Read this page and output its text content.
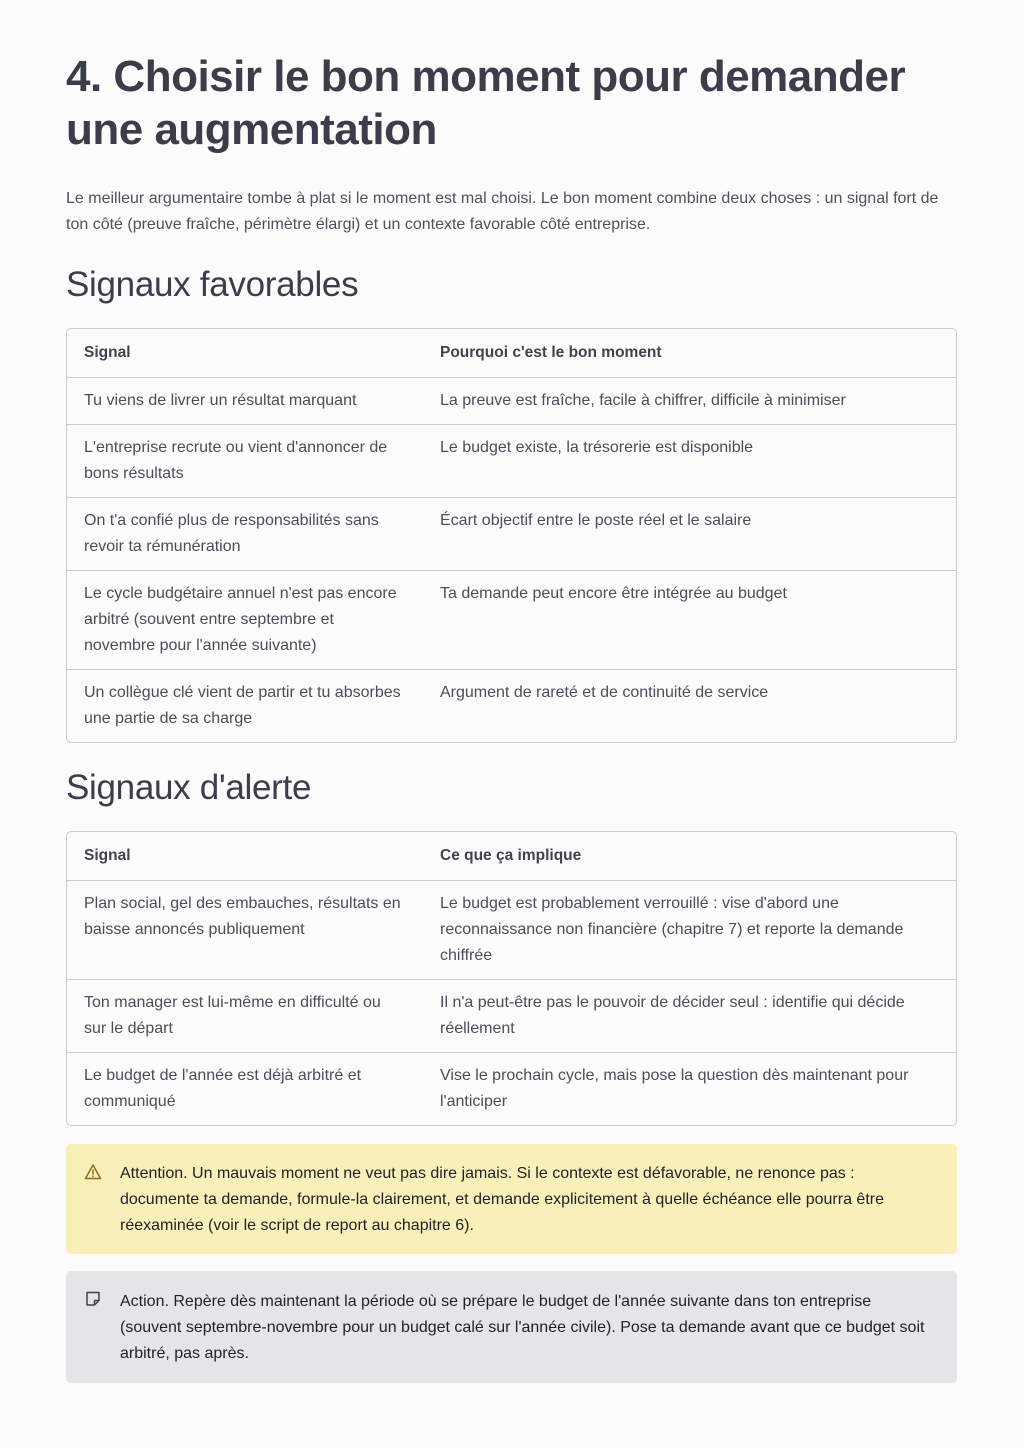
4. Choisir le bon moment pour demander une augmentation

Le meilleur argumentaire tombe à plat si le moment est mal choisi. Le bon moment combine deux choses : un signal fort de ton côté (preuve fraîche, périmètre élargi) et un contexte favorable côté entreprise.

Signaux favorables
Signal	Pourquoi c'est le bon moment
Tu viens de livrer un résultat marquant	La preuve est fraîche, facile à chiffrer, difficile à minimiser
L'entreprise recrute ou vient d'annoncer de bons résultats	Le budget existe, la trésorerie est disponible
On t'a confié plus de responsabilités sans revoir ta rémunération	Écart objectif entre le poste réel et le salaire
Le cycle budgétaire annuel n'est pas encore arbitré (souvent entre septembre et novembre pour l'année suivante)	Ta demande peut encore être intégrée au budget
Un collègue clé vient de partir et tu absorbes une partie de sa charge	Argument de rareté et de continuité de service
Signaux d'alerte
Signal	Ce que ça implique
Plan social, gel des embauches, résultats en baisse annoncés publiquement	Le budget est probablement verrouillé : vise d'abord une reconnaissance non financière (chapitre 7) et reporte la demande chiffrée
Ton manager est lui-même en difficulté ou sur le départ	Il n'a peut-être pas le pouvoir de décider seul : identifie qui décide réellement
Le budget de l'année est déjà arbitré et communiqué	Vise le prochain cycle, mais pose la question dès maintenant pour l'anticiper
Attention. Un mauvais moment ne veut pas dire jamais. Si le contexte est défavorable, ne renonce pas : documente ta demande, formule-la clairement, et demande explicitement à quelle échéance elle pourra être réexaminée (voir le script de report au chapitre 6).
Action. Repère dès maintenant la période où se prépare le budget de l'année suivante dans ton entreprise (souvent septembre-novembre pour un budget calé sur l'année civile). Pose ta demande avant que ce budget soit arbitré, pas après.
